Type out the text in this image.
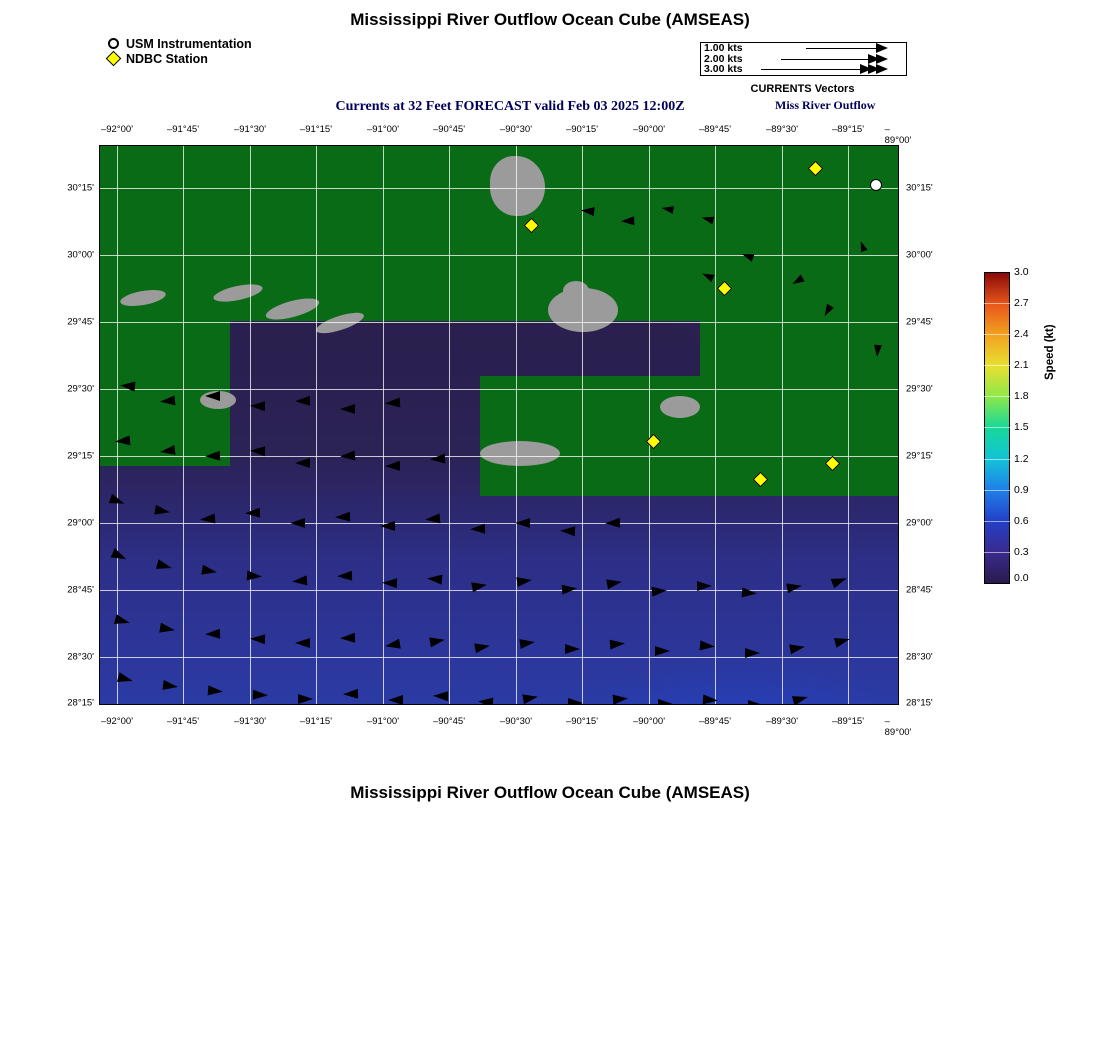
Mississippi River Outflow Ocean Cube (AMSEAS)
USM Instrumentation
NDBC Station
1.00 kts
2.00 kts
3.00 kts
CURRENTS Vectors
Currents at 32 Feet FORECAST valid Feb 03 2025 12:00Z	Miss River Outflow
–92°00'	–91°45'	–91°30'	–91°15'	–91°00'	–90°45'	–90°30'	–90°15'	–90°00'	–89°45'	–89°30'	–89°15' –89°00'
–92°00'	–91°45'	–91°30'	–91°15'	–91°00'	–90°45'	–90°30'	–90°15'	–90°00'	–89°45'	–89°30'	–89°15' –89°00'
30°15'
30°00'
29°45'
29°30'
29°15'
29°00'
28°45'
28°30'
28°15'
30°15'
30°00'
29°45'
29°30'
29°15'
29°00'
28°45'
28°30'
28°15'
3.0
2.7
2.4
2.1
1.8
1.5
1.2
0.9
0.6
0.3
0.0
Speed (kt)
Mississippi River Outflow Ocean Cube (AMSEAS)
